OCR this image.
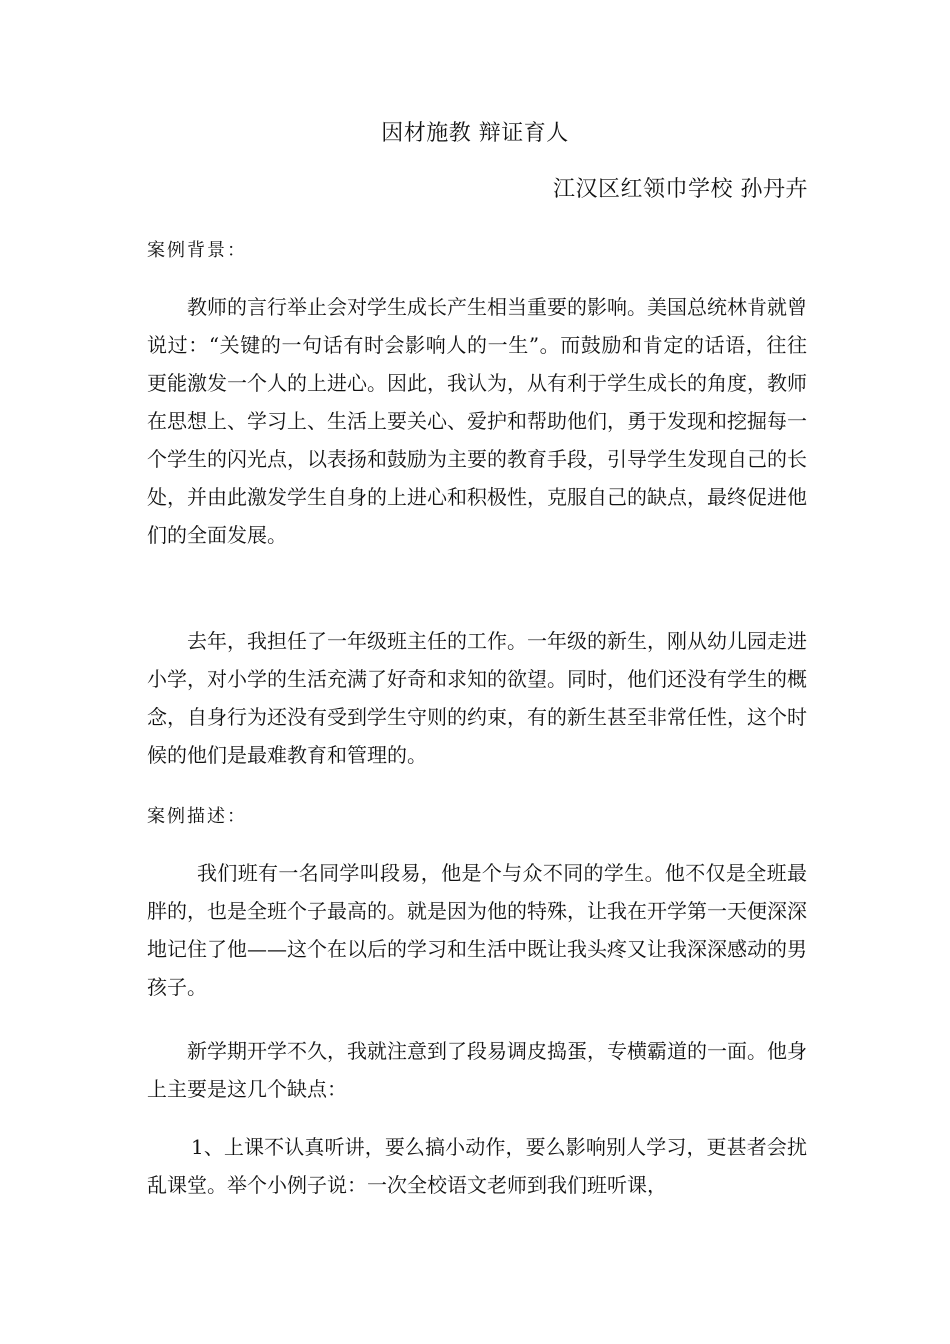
因材施教 辩证育人
江汉区红领巾学校 孙丹卉
案例背景：

教师的言行举止会对学生成长产生相当重要的影响。美国总统林肯就曾说过：“关键的一句话有时会影响人的一生”。而鼓励和肯定的话语，往往更能激发一个人的上进心。因此，我认为，从有利于学生成长的角度，教师在思想上、学习上、生活上要关心、爱护和帮助他们，勇于发现和挖掘每一个学生的闪光点，以表扬和鼓励为主要的教育手段，引导学生发现自己的长处，并由此激发学生自身的上进心和积极性，克服自己的缺点，最终促进他们的全面发展。

去年，我担任了一年级班主任的工作。一年级的新生，刚从幼儿园走进小学，对小学的生活充满了好奇和求知的欲望。同时，他们还没有学生的概念，自身行为还没有受到学生守则的约束，有的新生甚至非常任性，这个时候的他们是最难教育和管理的。

案例描述：

我们班有一名同学叫段易，他是个与众不同的学生。他不仅是全班最胖的，也是全班个子最高的。就是因为他的特殊，让我在开学第一天便深深地记住了他——这个在以后的学习和生活中既让我头疼又让我深深感动的男孩子。

新学期开学不久，我就注意到了段易调皮捣蛋，专横霸道的一面。他身上主要是这几个缺点：

1、上课不认真听讲，要么搞小动作，要么影响别人学习，更甚者会扰乱课堂。举个小例子说：一次全校语文老师到我们班听课，
